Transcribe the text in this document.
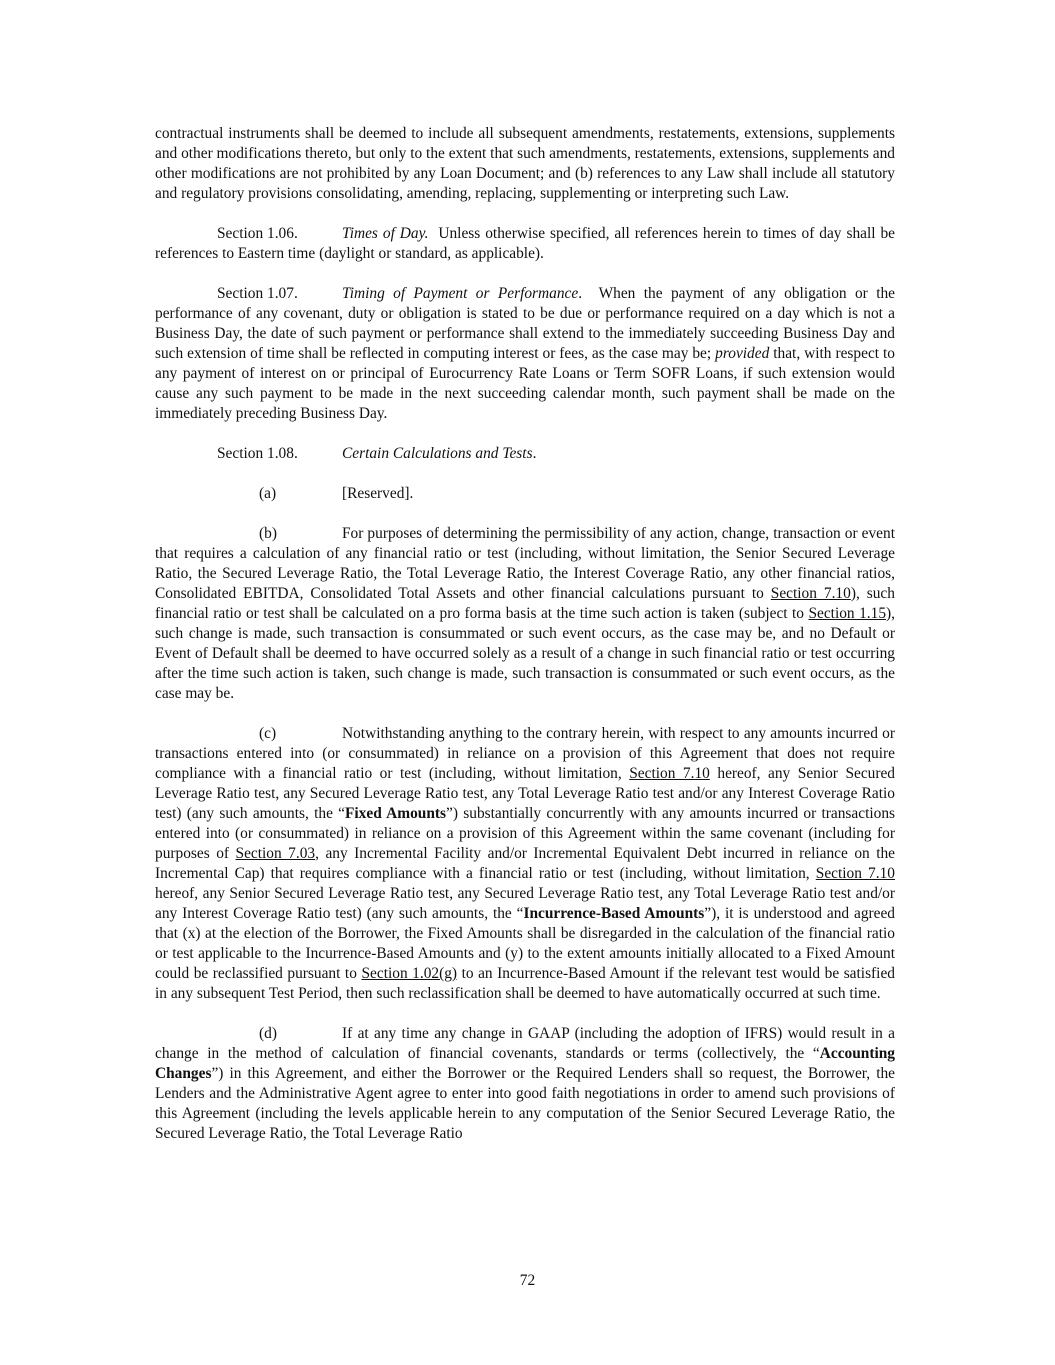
contractual instruments shall be deemed to include all subsequent amendments, restatements, extensions, supplements and other modifications thereto, but only to the extent that such amendments, restatements, extensions, supplements and other modifications are not prohibited by any Loan Document; and (b) references to any Law shall include all statutory and regulatory provisions consolidating, amending, replacing, supplementing or interpreting such Law.

Section 1.06.	Times of Day. Unless otherwise specified, all references herein to times of day shall be references to Eastern time (daylight or standard, as applicable).

Section 1.07.	Timing of Payment or Performance. When the payment of any obligation or the performance of any covenant, duty or obligation is stated to be due or performance required on a day which is not a Business Day, the date of such payment or performance shall extend to the immediately succeeding Business Day and such extension of time shall be reflected in computing interest or fees, as the case may be; provided that, with respect to any payment of interest on or principal of Eurocurrency Rate Loans or Term SOFR Loans, if such extension would cause any such payment to be made in the next succeeding calendar month, such payment shall be made on the immediately preceding Business Day.

Section 1.08.	Certain Calculations and Tests.

(a)	[Reserved].

(b)	For purposes of determining the permissibility of any action, change, transaction or event that requires a calculation of any financial ratio or test (including, without limitation, the Senior Secured Leverage Ratio, the Secured Leverage Ratio, the Total Leverage Ratio, the Interest Coverage Ratio, any other financial ratios, Consolidated EBITDA, Consolidated Total Assets and other financial calculations pursuant to Section 7.10), such financial ratio or test shall be calculated on a pro forma basis at the time such action is taken (subject to Section 1.15), such change is made, such transaction is consummated or such event occurs, as the case may be, and no Default or Event of Default shall be deemed to have occurred solely as a result of a change in such financial ratio or test occurring after the time such action is taken, such change is made, such transaction is consummated or such event occurs, as the case may be.

(c)	Notwithstanding anything to the contrary herein, with respect to any amounts incurred or transactions entered into (or consummated) in reliance on a provision of this Agreement that does not require compliance with a financial ratio or test (including, without limitation, Section 7.10 hereof, any Senior Secured Leverage Ratio test, any Secured Leverage Ratio test, any Total Leverage Ratio test and/or any Interest Coverage Ratio test) (any such amounts, the “Fixed Amounts”) substantially concurrently with any amounts incurred or transactions entered into (or consummated) in reliance on a provision of this Agreement within the same covenant (including for purposes of Section 7.03, any Incremental Facility and/or Incremental Equivalent Debt incurred in reliance on the Incremental Cap) that requires compliance with a financial ratio or test (including, without limitation, Section 7.10 hereof, any Senior Secured Leverage Ratio test, any Secured Leverage Ratio test, any Total Leverage Ratio test and/or any Interest Coverage Ratio test) (any such amounts, the “Incurrence-Based Amounts”), it is understood and agreed that (x) at the election of the Borrower, the Fixed Amounts shall be disregarded in the calculation of the financial ratio or test applicable to the Incurrence-Based Amounts and (y) to the extent amounts initially allocated to a Fixed Amount could be reclassified pursuant to Section 1.02(g) to an Incurrence-Based Amount if the relevant test would be satisfied in any subsequent Test Period, then such reclassification shall be deemed to have automatically occurred at such time.

(d)	If at any time any change in GAAP (including the adoption of IFRS) would result in a change in the method of calculation of financial covenants, standards or terms (collectively, the “Accounting Changes”) in this Agreement, and either the Borrower or the Required Lenders shall so request, the Borrower, the Lenders and the Administrative Agent agree to enter into good faith negotiations in order to amend such provisions of this Agreement (including the levels applicable herein to any computation of the Senior Secured Leverage Ratio, the Secured Leverage Ratio, the Total Leverage Ratio

72
